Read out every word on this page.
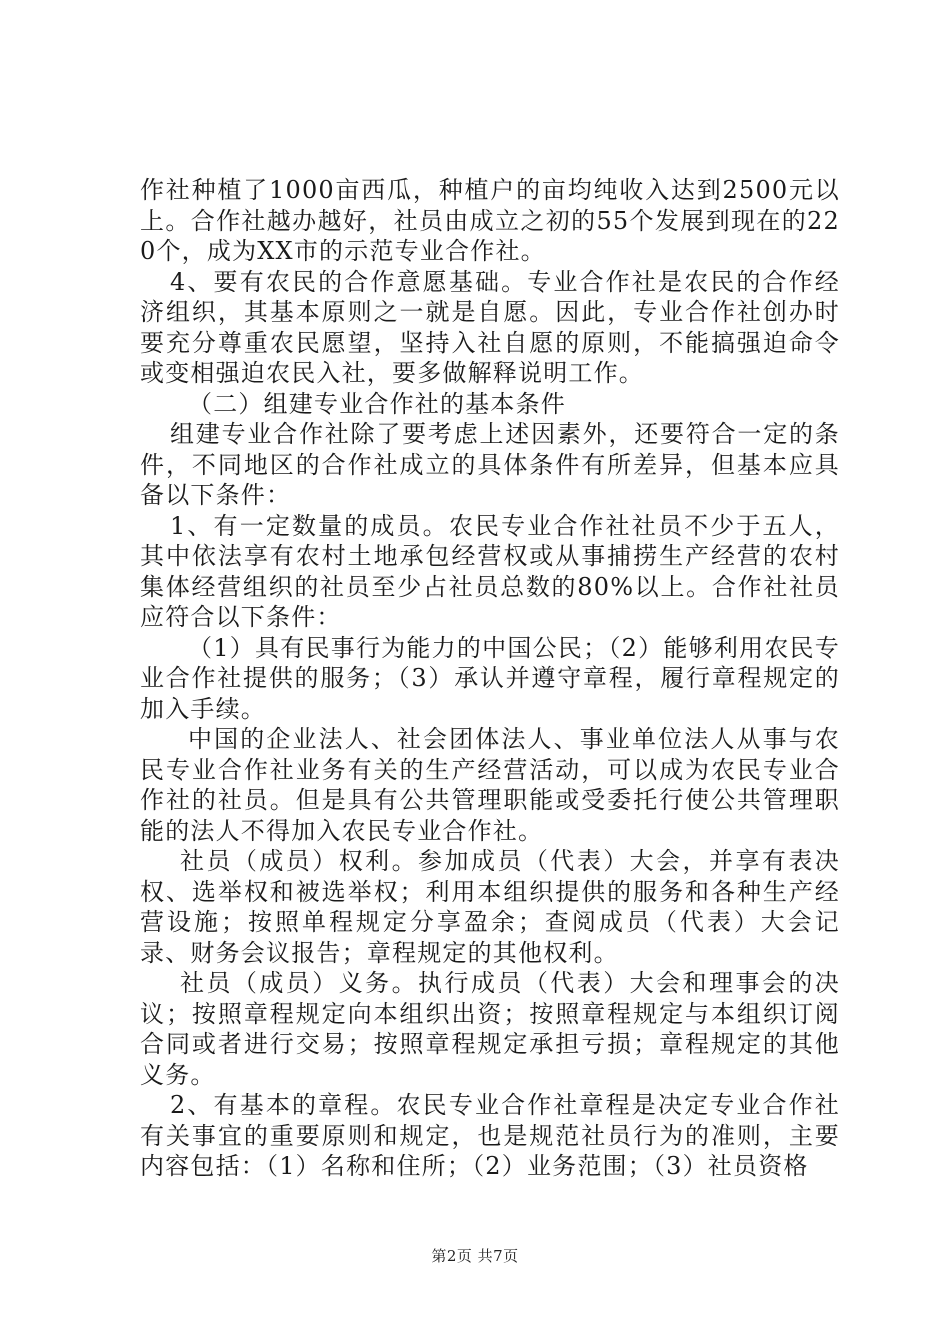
作社种植了1000亩西瓜，种植户的亩均纯收入达到2500元以上。合作社越办越好，社员由成立之初的55个发展到现在的220个，成为XX市的示范专业合作社。

4、要有农民的合作意愿基础。专业合作社是农民的合作经济组织，其基本原则之一就是自愿。因此，专业合作社创办时要充分尊重农民愿望，坚持入社自愿的原则，不能搞强迫命令或变相强迫农民入社，要多做解释说明工作。

（二）组建专业合作社的基本条件

组建专业合作社除了要考虑上述因素外，还要符合一定的条件，不同地区的合作社成立的具体条件有所差异，但基本应具备以下条件：

1、有一定数量的成员。农民专业合作社社员不少于五人，其中依法享有农村土地承包经营权或从事捕捞生产经营的农村集体经营组织的社员至少占社员总数的80%以上。合作社社员应符合以下条件：

（1）具有民事行为能力的中国公民；（2）能够利用农民专业合作社提供的服务；（3）承认并遵守章程，履行章程规定的加入手续。

中国的企业法人、社会团体法人、事业单位法人从事与农民专业合作社业务有关的生产经营活动，可以成为农民专业合作社的社员。但是具有公共管理职能或受委托行使公共管理职能的法人不得加入农民专业合作社。

社员（成员）权利。参加成员（代表）大会，并享有表决权、选举权和被选举权；利用本组织提供的服务和各种生产经营设施；按照单程规定分享盈余；查阅成员（代表）大会记录、财务会议报告；章程规定的其他权利。

社员（成员）义务。执行成员（代表）大会和理事会的决议；按照章程规定向本组织出资；按照章程规定与本组织订阅合同或者进行交易；按照章程规定承担亏损；章程规定的其他义务。

2、有基本的章程。农民专业合作社章程是决定专业合作社有关事宜的重要原则和规定，也是规范社员行为的准则，主要内容包括：（1）名称和住所；（2）业务范围；（3）社员资格

第2页 共7页
